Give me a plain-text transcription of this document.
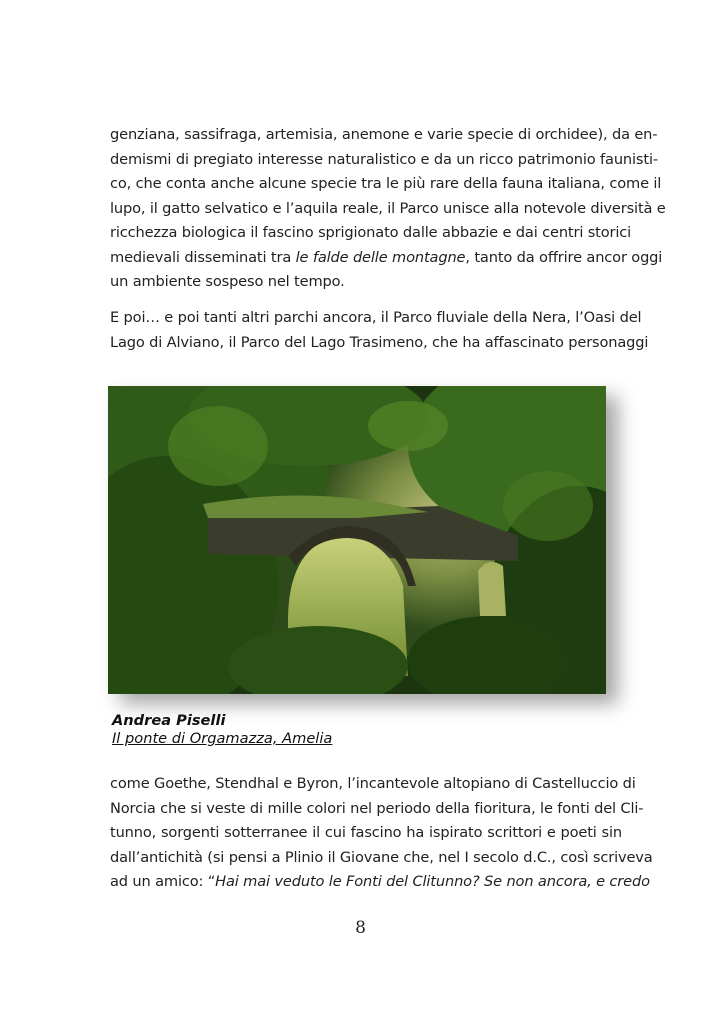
genziana, sassifraga, artemisia, anemone e varie specie di orchidee), da en-
demismi di pregiato interesse naturalistico e da un ricco patrimonio faunisti-
co, che conta anche alcune specie tra le più rare della fauna italiana, come il
lupo, il gatto selvatico e l’aquila reale, il Parco unisce alla notevole diversità e
ricchezza biologica il fascino sprigionato dalle abbazie e dai centri storici
medievali disseminati tra le falde delle montagne, tanto da offrire ancor oggi
un ambiente sospeso nel tempo.
E poi… e poi tanti altri parchi ancora, il Parco fluviale della Nera, l’Oasi del
Lago di Alviano, il Parco del Lago Trasimeno, che ha affascinato personaggi
Andrea Piselli
Il ponte di Orgamazza, Amelia
come Goethe, Stendhal e Byron, l’incantevole altopiano di Castelluccio di
Norcia che si veste di mille colori nel periodo della fioritura, le fonti del Cli-
tunno, sorgenti sotterranee il cui fascino ha ispirato scrittori e poeti sin
dall’antichità (si pensi a Plinio il Giovane che, nel I secolo d.C., così scriveva
ad un amico: “Hai mai veduto le Fonti del Clitunno? Se non ancora, e credo
8
